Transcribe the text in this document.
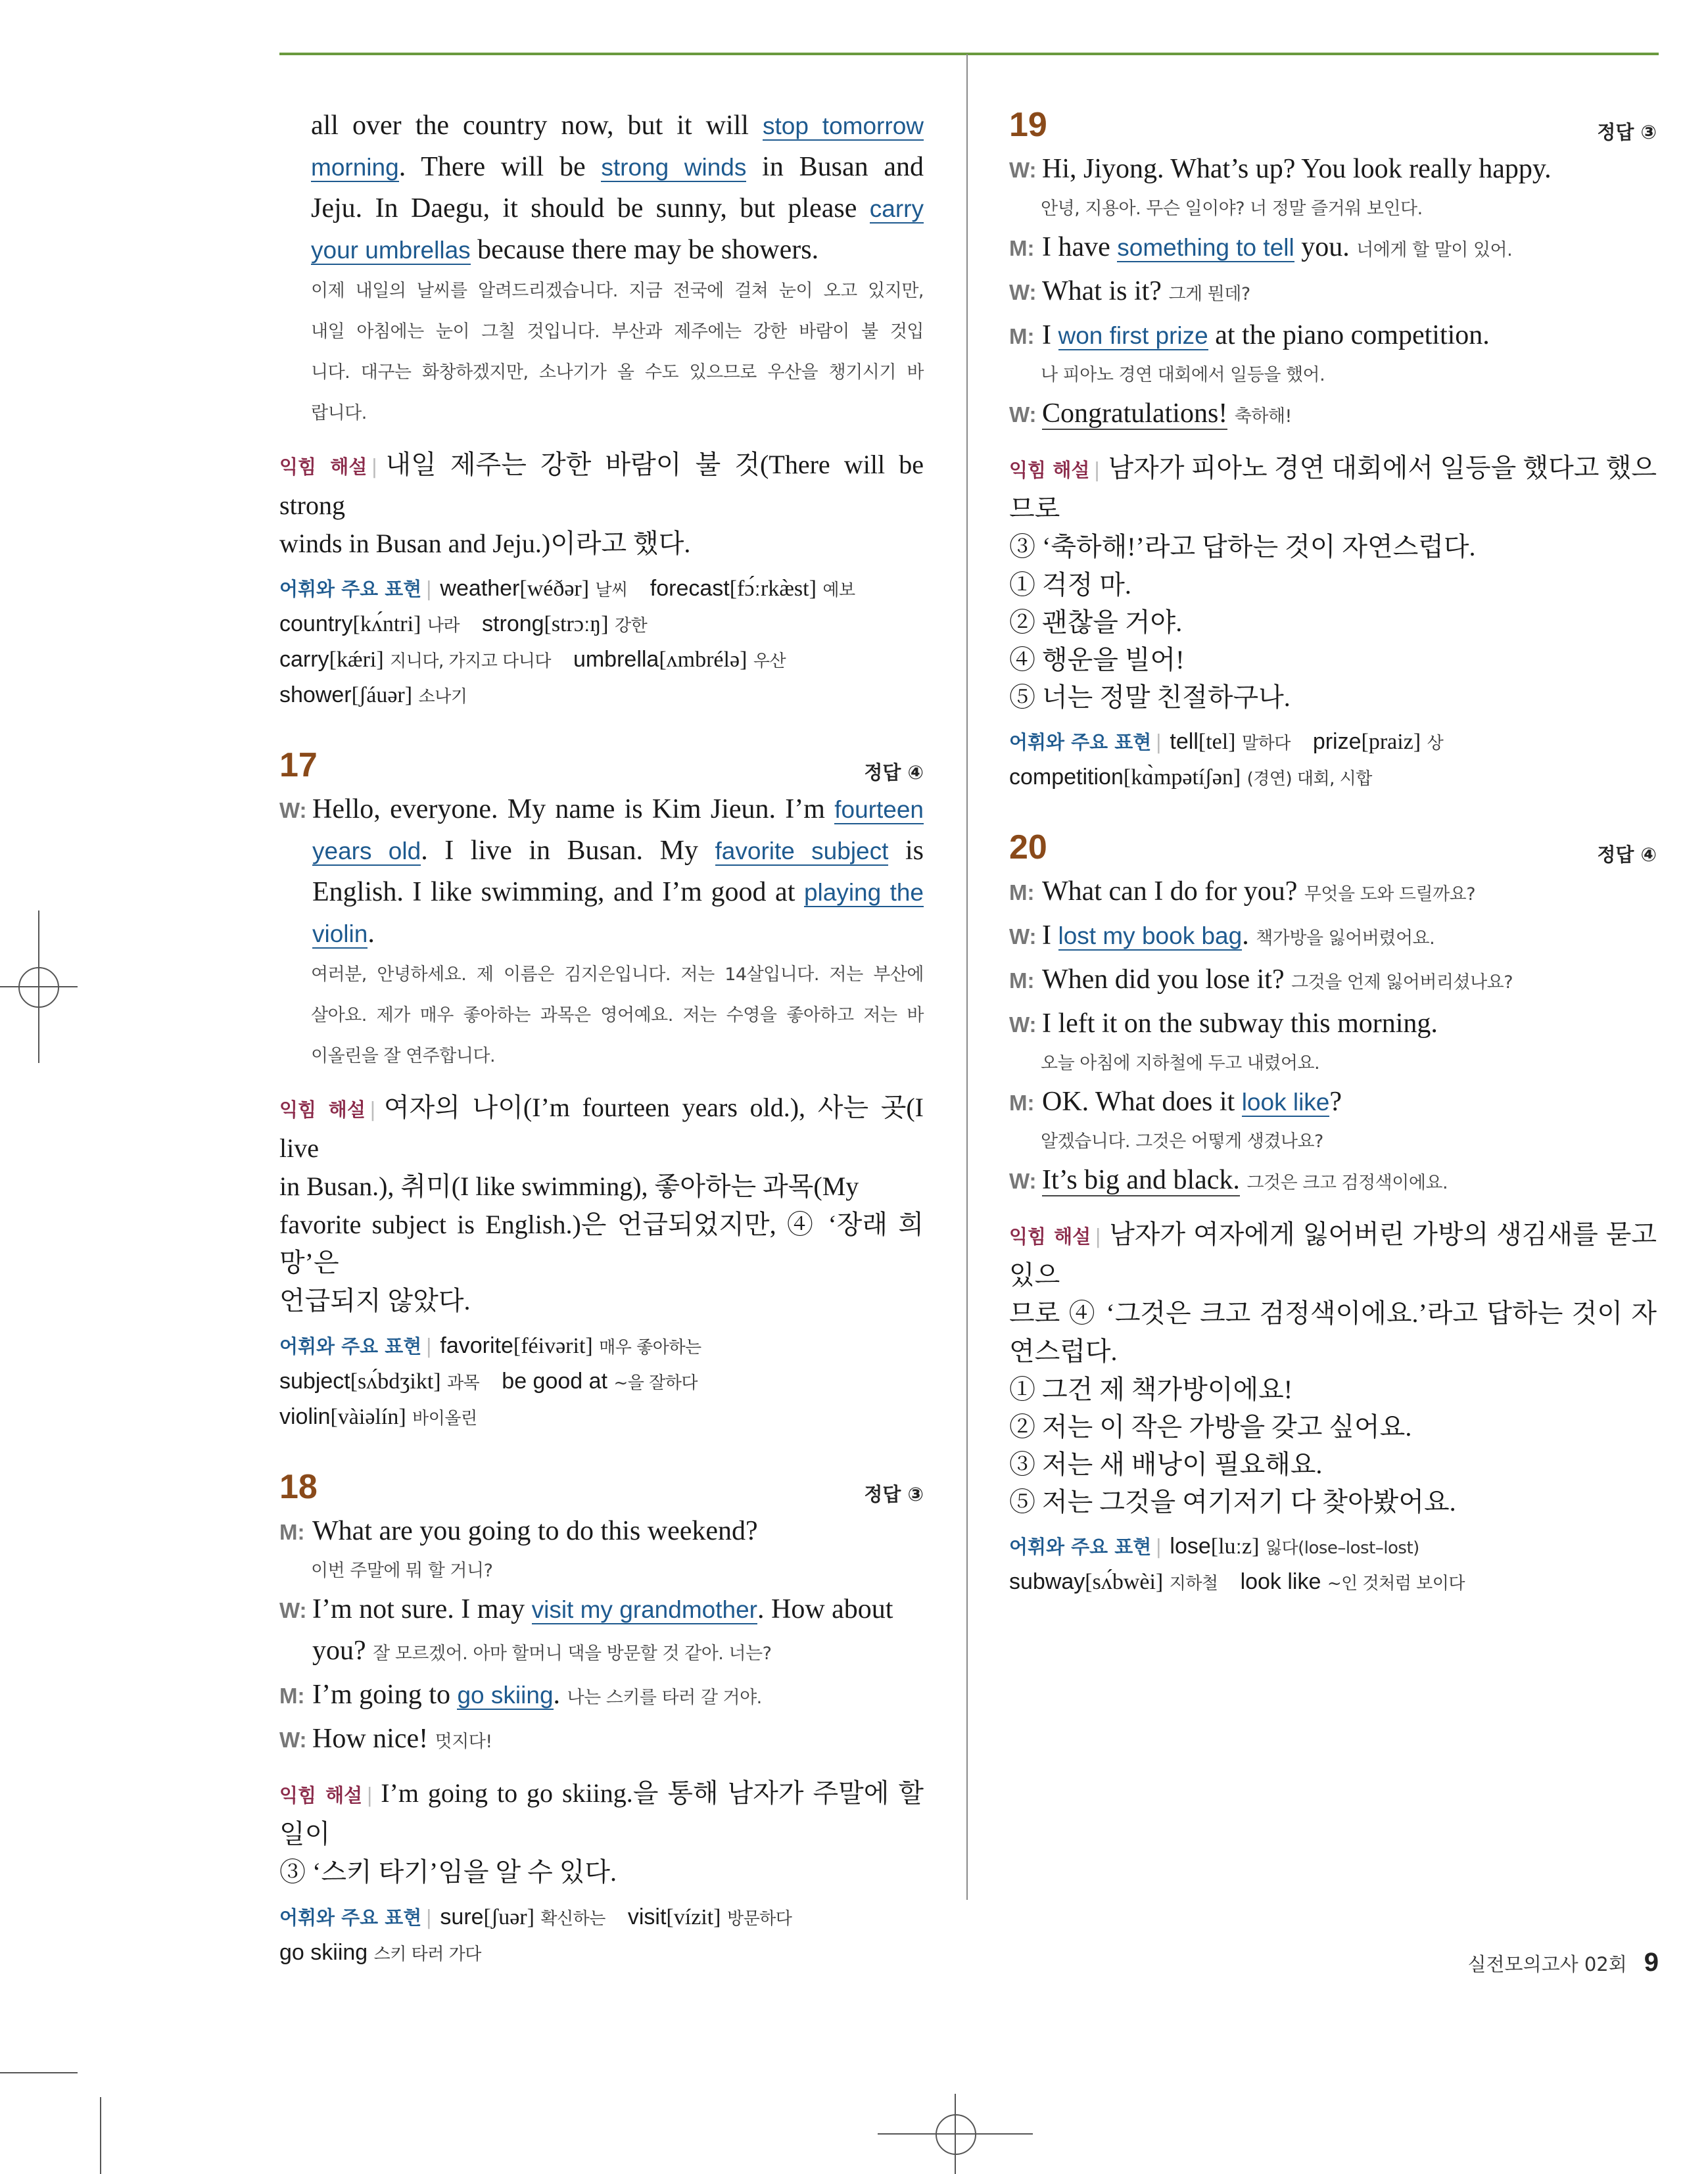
all over the country now, but it will stop tomorrow
morning. There will be strong winds in Busan and
Jeju. In Daegu, it should be sunny, but please carry
your umbrellas because there may be showers.
이제 내일의 날씨를 알려드리겠습니다. 지금 전국에 걸쳐 눈이 오고 있지만,
내일 아침에는 눈이 그칠 것입니다. 부산과 제주에는 강한 바람이 불 것입
니다. 대구는 화창하겠지만, 소나기가 올 수도 있으므로 우산을 챙기시기 바
랍니다.
익힘 해설 | 내일 제주는 강한 바람이 불 것(There will be strong
winds in Busan and Jeju.)이라고 했다.
어휘와 주요 표현 | weather[wéðər] 날씨 forecast[fɔ́ːrkæ̀st] 예보
country[kʌ́ntri] 나라 strong[strɔːŋ] 강한
carry[kǽri] 지니다, 가지고 다니다 umbrella[ʌmbrélə] 우산
shower[ʃáuər] 소나기
17	정답 ④
W: Hello, everyone. My name is Kim Jieun. I’m fourteen
years old. I live in Busan. My favorite subject is
English. I like swimming, and I’m good at playing the
violin.
여러분, 안녕하세요. 제 이름은 김지은입니다. 저는 14살입니다. 저는 부산에
살아요. 제가 매우 좋아하는 과목은 영어예요. 저는 수영을 좋아하고 저는 바
이올린을 잘 연주합니다.
익힘 해설 | 여자의 나이(I’m fourteen years old.), 사는 곳(I live
in Busan.), 취미(I like swimming), 좋아하는 과목(My
favorite subject is English.)은 언급되었지만, ④ ‘장래 희망’은
언급되지 않았다.
어휘와 주요 표현 | favorite[féivərit] 매우 좋아하는
subject[sʌ́bdʒikt] 과목 be good at ~을 잘하다
violin[vàiəlín] 바이올린
18	정답 ③
M: What are you going to do this weekend?
이번 주말에 뭐 할 거니?
W: I’m not sure. I may visit my grandmother. How about
you? 잘 모르겠어. 아마 할머니 댁을 방문할 것 같아. 너는?
M: I’m going to go skiing. 나는 스키를 타러 갈 거야.
W: How nice! 멋지다!
익힘 해설 | I’m going to go skiing.을 통해 남자가 주말에 할 일이
③ ‘스키 타기’임을 알 수 있다.
어휘와 주요 표현 | sure[ʃuər] 확신하는 visit[vízit] 방문하다
go skiing 스키 타러 가다
19	정답 ③
W: Hi, Jiyong. What’s up? You look really happy.
안녕, 지용아. 무슨 일이야? 너 정말 즐거워 보인다.
M: I have something to tell you. 너에게 할 말이 있어.
W: What is it? 그게 뭔데?
M: I won first prize at the piano competition.
나 피아노 경연 대회에서 일등을 했어.
W: Congratulations! 축하해!
익힘 해설 | 남자가 피아노 경연 대회에서 일등을 했다고 했으므로
③ ‘축하해!’라고 답하는 것이 자연스럽다.
① 걱정 마.
② 괜찮을 거야.
④ 행운을 빌어!
⑤ 너는 정말 친절하구나.
어휘와 주요 표현 | tell[tel] 말하다 prize[praiz] 상
competition[kɑ̀mpətíʃən] (경연) 대회, 시합
20	정답 ④
M: What can I do for you? 무엇을 도와 드릴까요?
W: I lost my book bag. 책가방을 잃어버렸어요.
M: When did you lose it? 그것을 언제 잃어버리셨나요?
W: I left it on the subway this morning.
오늘 아침에 지하철에 두고 내렸어요.
M: OK. What does it look like?
알겠습니다. 그것은 어떻게 생겼나요?
W: It’s big and black. 그것은 크고 검정색이에요.
익힘 해설 | 남자가 여자에게 잃어버린 가방의 생김새를 묻고 있으
므로 ④ ‘그것은 크고 검정색이에요.’라고 답하는 것이 자연스럽다.
① 그건 제 책가방이에요!
② 저는 이 작은 가방을 갖고 싶어요.
③ 저는 새 배낭이 필요해요.
⑤ 저는 그것을 여기저기 다 찾아봤어요.
어휘와 주요 표현 | lose[luːz] 잃다(lose–lost–lost)
subway[sʌ́bwèi] 지하철 look like ~인 것처럼 보이다
실전모의고사 02회 9
